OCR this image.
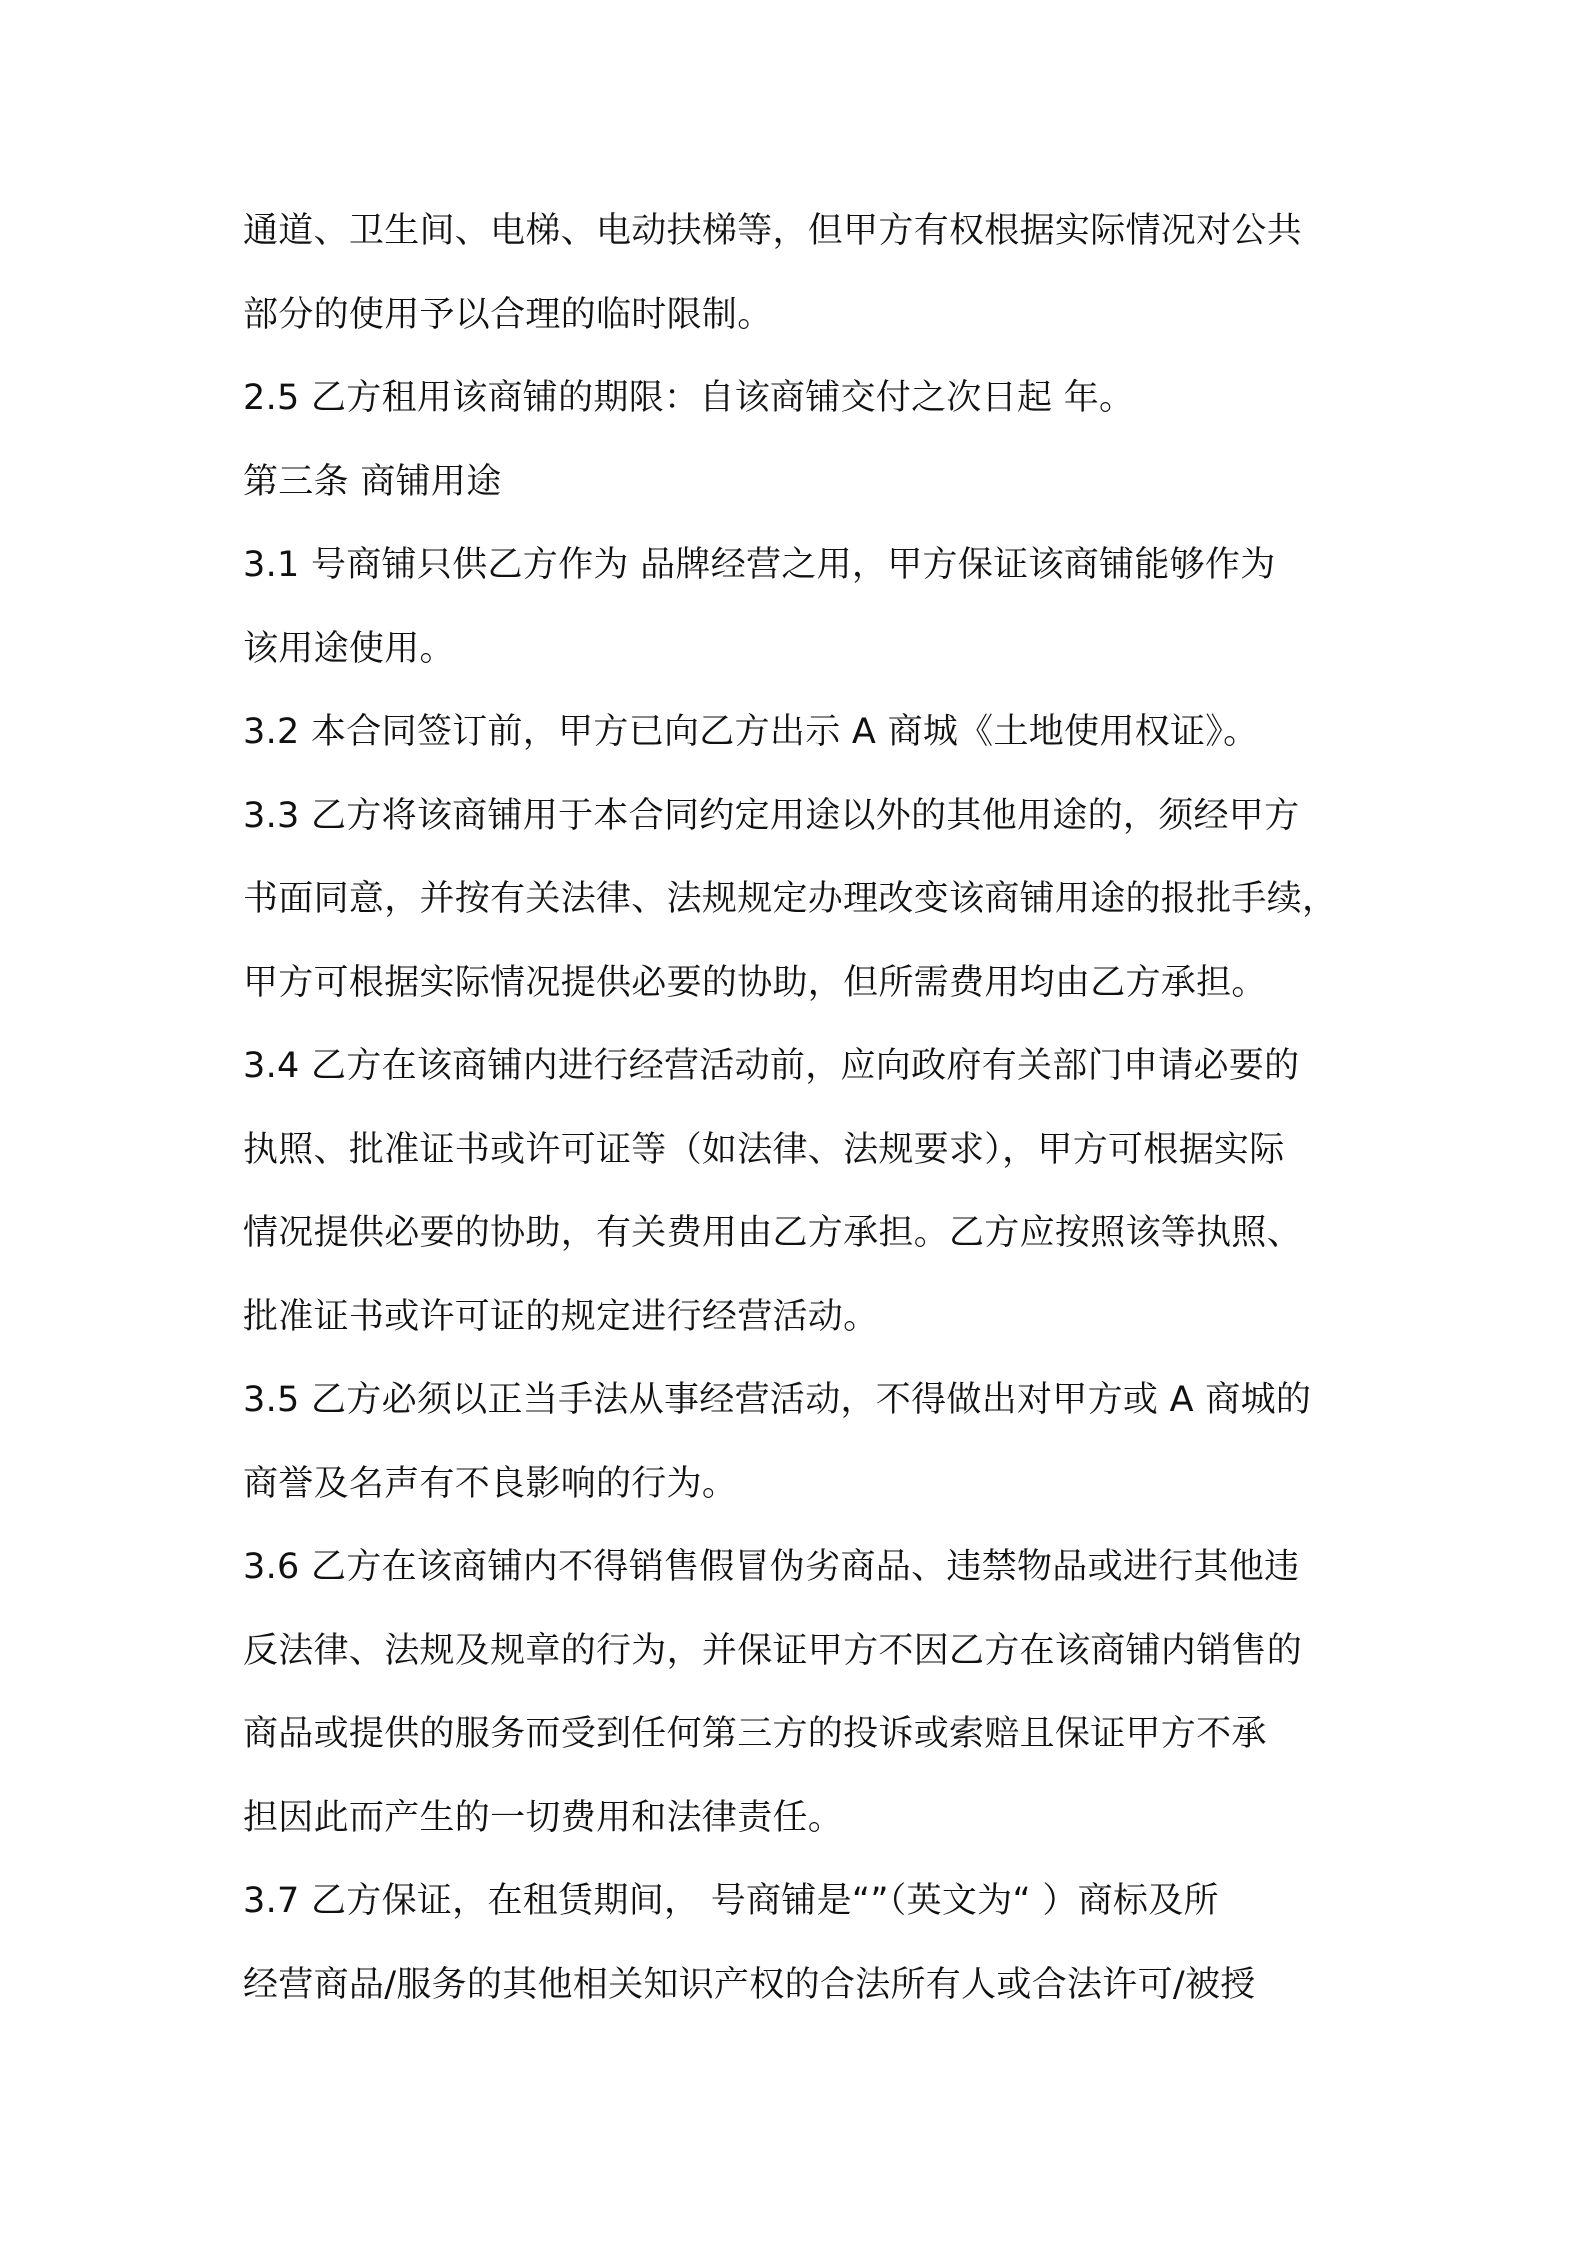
通道、卫生间、电梯、电动扶梯等，但甲方有权根据实际情况对公共
部分的使用予以合理的临时限制。
2.5 乙方租用该商铺的期限：自该商铺交付之次日起 年。
第三条 商铺用途
3.1 号商铺只供乙方作为 品牌经营之用，甲方保证该商铺能够作为
该用途使用。
3.2 本合同签订前，甲方已向乙方出示 A 商城《土地使用权证》。
3.3 乙方将该商铺用于本合同约定用途以外的其他用途的，须经甲方
书面同意，并按有关法律、法规规定办理改变该商铺用途的报批手续，
甲方可根据实际情况提供必要的协助，但所需费用均由乙方承担。
3.4 乙方在该商铺内进行经营活动前，应向政府有关部门申请必要的
执照、批准证书或许可证等（如法律、法规要求），甲方可根据实际
情况提供必要的协助，有关费用由乙方承担。乙方应按照该等执照、
批准证书或许可证的规定进行经营活动。
3.5 乙方必须以正当手法从事经营活动，不得做出对甲方或 A 商城的
商誉及名声有不良影响的行为。
3.6 乙方在该商铺内不得销售假冒伪劣商品、违禁物品或进行其他违
反法律、法规及规章的行为，并保证甲方不因乙方在该商铺内销售的
商品或提供的服务而受到任何第三方的投诉或索赔且保证甲方不承
担因此而产生的一切费用和法律责任。
3.7 乙方保证，在租赁期间， 号商铺是“”（英文为“ ）商标及所
经营商品/服务的其他相关知识产权的合法所有人或合法许可/被授
